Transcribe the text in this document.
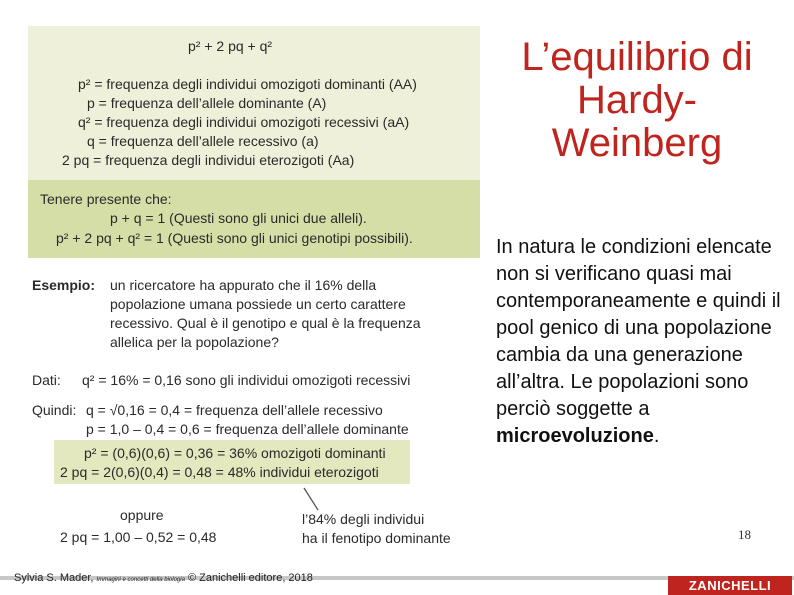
p² + 2 pq + q²
p² = frequenza degli individui omozigoti dominanti (AA)
p = frequenza dell’allele dominante (A)
q² = frequenza degli individui omozigoti recessivi (aA)
q = frequenza dell’allele recessivo (a)
2 pq = frequenza degli individui eterozigoti (Aa)
Tenere presente che:
p + q = 1 (Questi sono gli unici due alleli).
p² + 2 pq + q² = 1 (Questi sono gli unici genotipi possibili).
Esempio: un ricercatore ha appurato che il 16% della
popolazione umana possiede un certo carattere
recessivo. Qual è il genotipo e qual è la frequenza
allelica per la popolazione?
Dati: q² = 16% = 0,16 sono gli individui omozigoti recessivi
Quindi: q = √0,16 = 0,4 = frequenza dell’allele recessivo
p = 1,0 – 0,4 = 0,6 = frequenza dell’allele dominante
p² = (0,6)(0,6) = 0,36 = 36% omozigoti dominanti
2 pq = 2(0,6)(0,4) = 0,48 = 48% individui eterozigoti
oppure
2 pq = 1,00 – 0,52 = 0,48
l’84% degli individui
ha il fenotipo dominante
L’equilibrio di Hardy-Weinberg
In natura le condizioni elencate non si verificano quasi mai contemporaneamente e quindi il pool genico di una popolazione cambia da una generazione all’altra. Le popolazioni sono perciò soggette a microevoluzione.
18
Sylvia S. Mader, Immagini e concetti della biologia © Zanichelli editore, 2018	ZANICHELLI
